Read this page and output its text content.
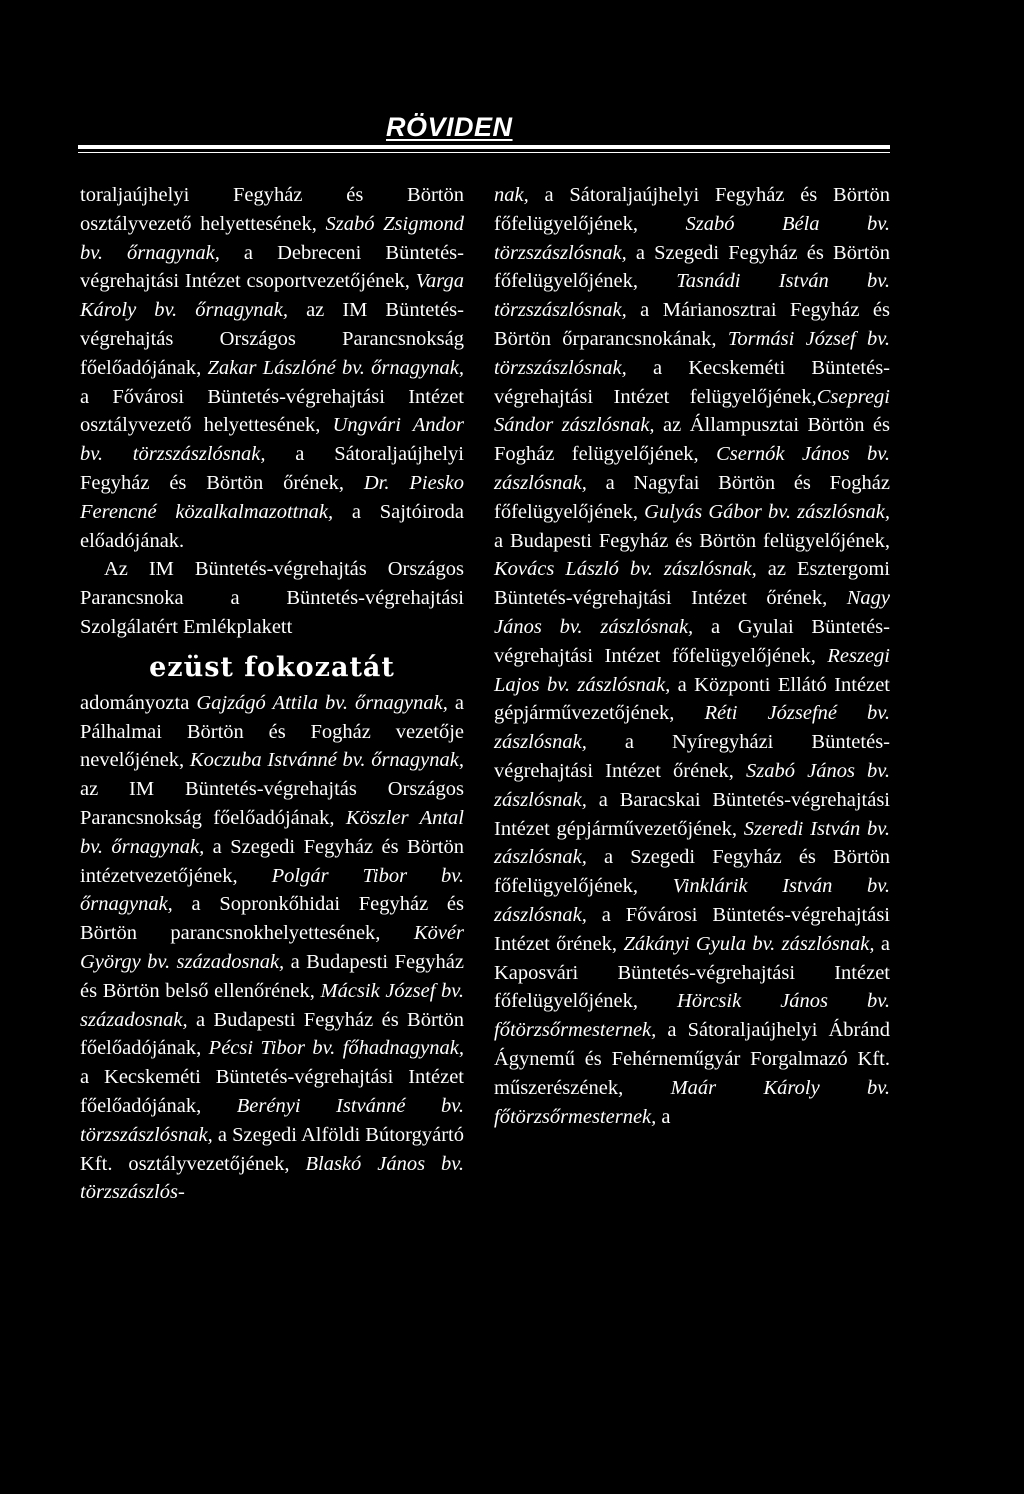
RÖVIDEN

toraljaújhelyi Fegyház és Börtön osztályvezető helyettesének, Szabó Zsigmond bv. őrnagynak, a Debreceni Büntetés-végrehajtási Intézet csoportvezetőjének, Varga Károly bv. őrnagynak, az IM Büntetés-végrehajtás Országos Parancsnokság főelőadójának, Zakar Lászlóné bv. őrnagynak, a Fővárosi Büntetés-végrehajtási Intézet osztályvezető helyettesének, Ungvári Andor bv. törzszászlósnak, a Sátoraljaújhelyi Fegyház és Börtön őrének, Dr. Piesko Ferencné közalkalmazottnak, a Sajtóiroda előadójának.

Az IM Büntetés-végrehajtás Országos Parancsnoka a Büntetés-végrehajtási Szolgálatért Emlékplakett

ezüst fokozatát

adományozta Gajzágó Attila bv. őrnagynak, a Pálhalmai Börtön és Fogház vezetője nevelőjének, Koczuba Istvánné bv. őrnagynak, az IM Büntetés-végrehajtás Országos Parancsnokság főelőadójának, Köszler Antal bv. őrnagynak, a Szegedi Fegyház és Börtön intézetvezetőjének, Polgár Tibor bv. őrnagynak, a Sopronkőhidai Fegyház és Börtön parancsnokhelyettesének, Kövér György bv. századosnak, a Budapesti Fegyház és Börtön belső ellenőrének, Mácsik József bv. századosnak, a Budapesti Fegyház és Börtön főelőadójának, Pécsi Tibor bv. főhadnagynak, a Kecskeméti Büntetés-végrehajtási Intézet főelőadójának, Berényi Istvánné bv. törzszászlósnak, a Szegedi Alföldi Bútorgyártó Kft. osztályvezetőjének, Blaskó János bv. törzszászlós-

nak, a Sátoraljaújhelyi Fegyház és Börtön főfelügyelőjének, Szabó Béla bv. törzszászlósnak, a Szegedi Fegyház és Börtön főfelügyelőjének, Tasnádi István bv. törzszászlósnak, a Márianosztrai Fegyház és Börtön őrparancsnokának, Tormási József bv. törzszászlósnak, a Kecskeméti Büntetés-végrehajtási Intézet felügyelőjének,Csepregi Sándor zászlósnak, az Állampusztai Börtön és Fogház felügyelőjének, Csernók János bv. zászlósnak, a Nagyfai Börtön és Fogház főfelügyelőjének, Gulyás Gábor bv. zászlósnak, a Budapesti Fegyház és Börtön felügyelőjének, Kovács László bv. zászlósnak, az Esztergomi Büntetés-végrehajtási Intézet őrének, Nagy János bv. zászlósnak, a Gyulai Büntetés-végrehajtási Intézet főfelügyelőjének, Reszegi Lajos bv. zászlósnak, a Központi Ellátó Intézet gépjárművezetőjének, Réti Józsefné bv. zászlósnak, a Nyíregyházi Büntetés-végrehajtási Intézet őrének, Szabó János bv. zászlósnak, a Baracskai Büntetés-végrehajtási Intézet gépjárművezetőjének, Szeredi István bv. zászlósnak, a Szegedi Fegyház és Börtön főfelügyelőjének, Vinklárik István bv. zászlósnak, a Fővárosi Büntetés-végrehajtási Intézet őrének, Zákányi Gyula bv. zászlósnak, a Kaposvári Büntetés-végrehajtási Intézet főfelügyelőjének, Hörcsik János bv. főtörzsőrmesternek, a Sátoraljaújhelyi Ábránd Ágynemű és Fehérneműgyár Forgalmazó Kft. műszerészének, Maár Károly bv. főtörzsőrmesternek, a
